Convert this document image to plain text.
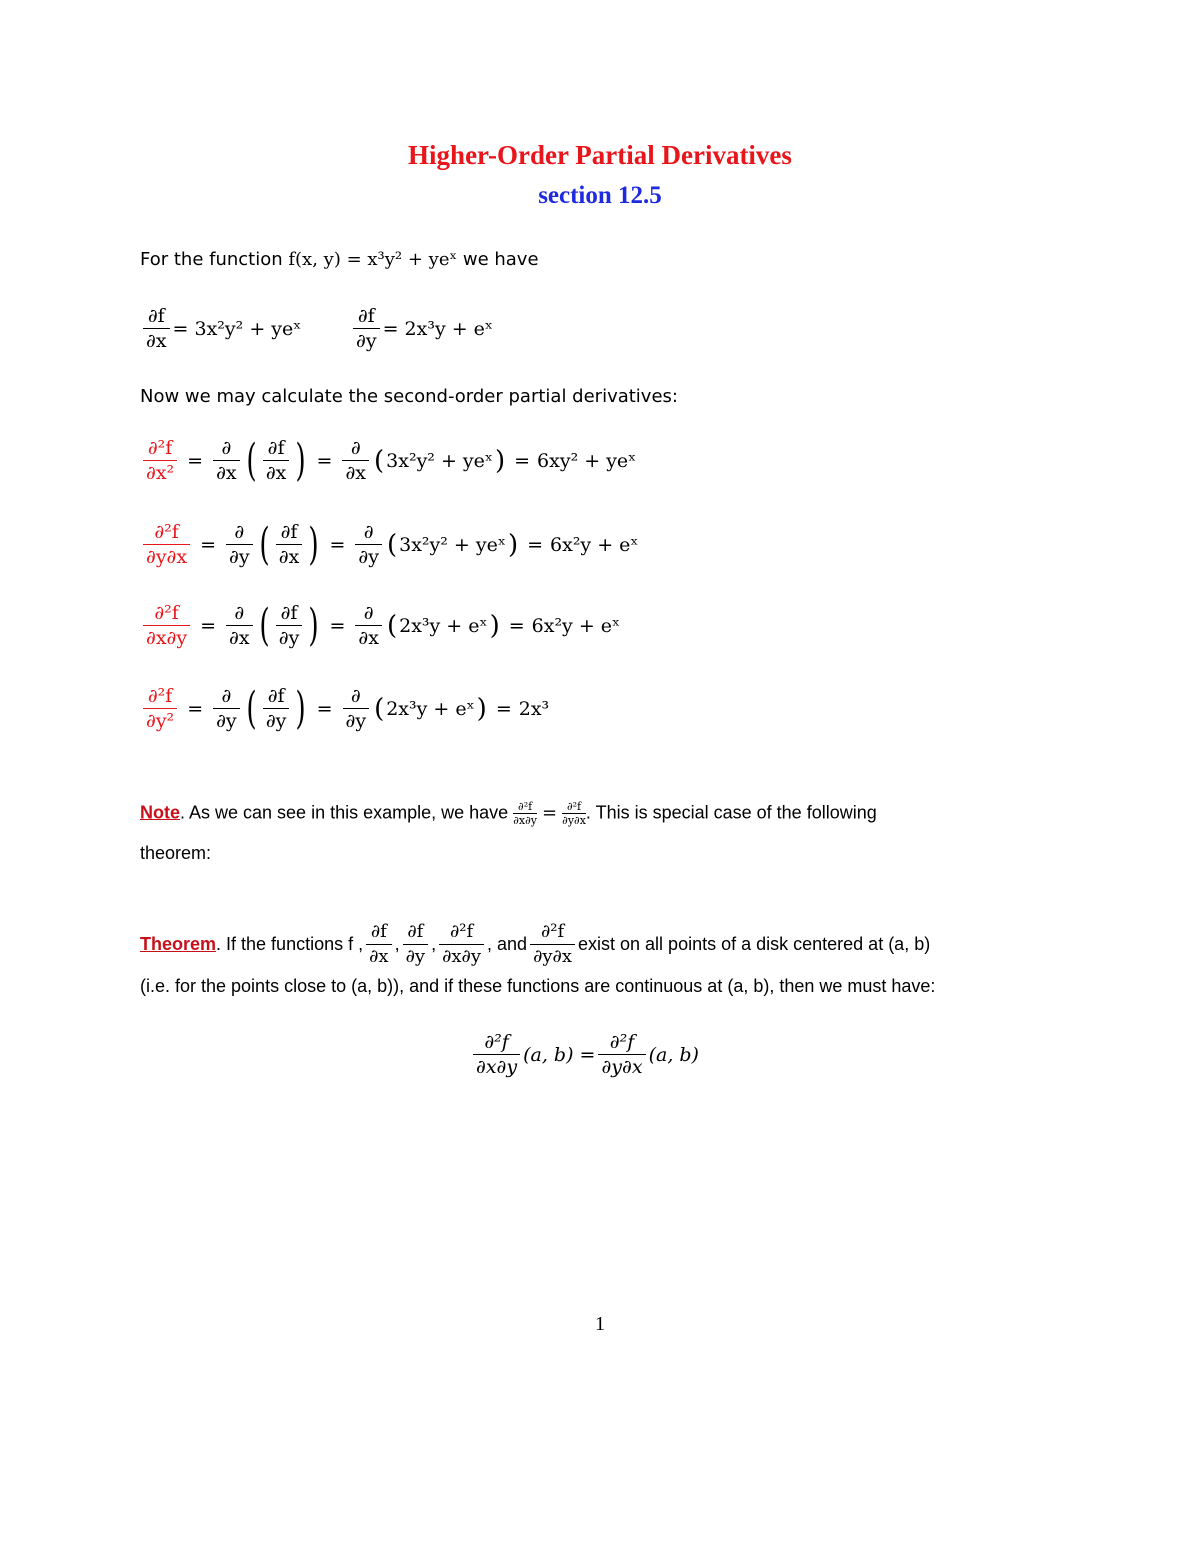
Higher-Order Partial Derivatives
section 12.5
For the function f(x, y) = x³y² + yeˣ we have
$\frac{\partial f}{\partial x} = 3x^2y^2$ + yeˣ	$\frac{\partial f}{\partial y} = 2x^3y$ + eˣ
Now we may calculate the second-order partial derivatives:
$\frac{\text{∂²f}}{\text{∂x²}} = \frac{\partial}{\partial x}$ ( $\frac{\partial f}{\partial x}$ ) = $\frac{\partial}{\partial x}$ ( 3x²y² + yeˣ ) = 6xy² + yeˣ
$\frac{\text{∂²f}}{\partial y\partial x} = \frac{\partial}{\partial y}$ ( $\frac{\partial f}{\partial x}$ ) = $\frac{\partial}{\partial y}$ ( 3x²y² + yeˣ ) = 6x²y + eˣ
$\frac{\text{∂²f}}{\partial x\partial y} = \frac{\partial}{\partial x}$ ( $\frac{\partial f}{\partial y}$ ) = $\frac{\partial}{\partial x}$ ( 2x³y + eˣ ) = 6x²y + eˣ
$\frac{\text{∂²f}}{\text{∂y²}} = \frac{\partial}{\partial y}$ ( $\frac{\partial f}{\partial y}$ ) = $\frac{\partial}{\partial y}$ ( 2x³y + eˣ ) = 2x³
Note. As we can see in this example, we have $\frac{\text{∂²f}}{\partial x\partial y} = \frac{\text{∂²f}}{\partial y\partial x}$ . This is special case of the following
theorem:
Theorem . If the functions f , $\frac{\partial f}{\partial x}$ , $\frac{\partial f}{\partial y}$ , $\frac{\text{∂²f}}{\partial x\partial y}$ , and $\frac{\text{∂²f}}{\partial y\partial x}$ exist on all points of a disk centered at (a, b)
(i.e. for the points close to (a, b)), and if these functions are continuous at (a, b), then we must have:
$\frac{\text{∂²f}}{\partial x\partial y} (a$, $b) = \frac{\text{∂²f}}{\partial y\partial x} (a$, b)
1
